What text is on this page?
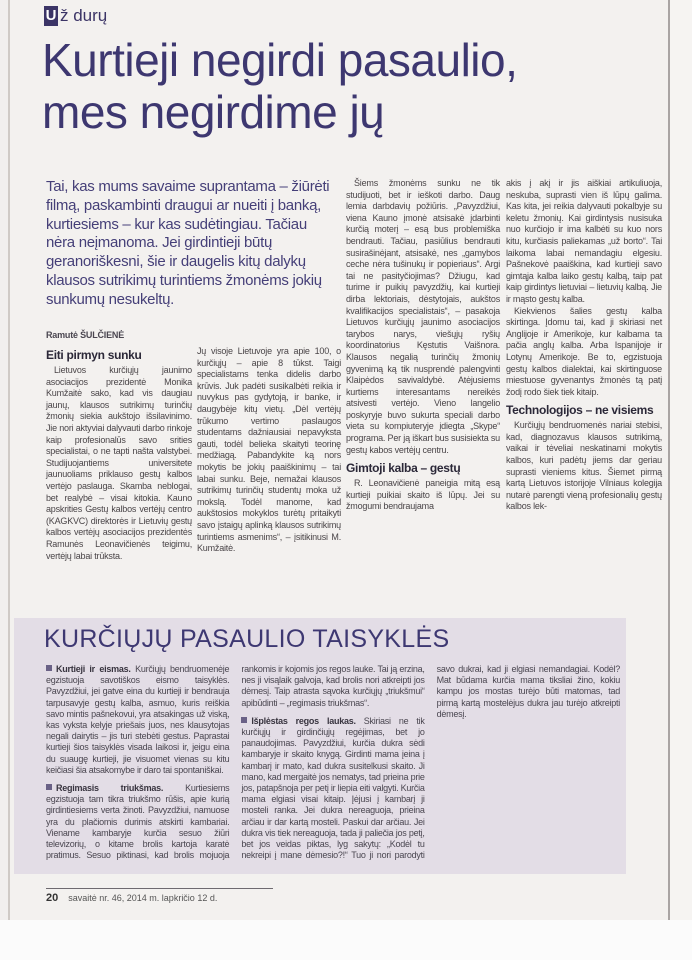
U ž durų
Kurtieji negirdi pasaulio,
mes negirdime jų
Tai, kas mums savaime suprantama – žiūrėti filmą, paskambinti draugui ar nueiti į banką, kurtiesiems – kur kas sudėtingiau. Tačiau nėra neįmanoma. Jei girdintieji būtų geranoriškesni, šie ir daugelis kitų dalykų klausos sutrikimų turintiems žmonėms jokių sunkumų nesukeltų.
Ramutė ŠULČIENĖ
Eiti pirmyn sunku

Lietuvos kurčiųjų jaunimo asociacijos prezidentė Monika Kumžaitė sako, kad vis daugiau jaunų, klausos sutrikimų turinčių žmonių siekia aukštojo išsilavinimo. Jie nori aktyviai dalyvauti darbo rinkoje kaip profesionalūs savo srities specialistai, o ne tapti našta valstybei. Studijuojantiems universitete jaunuoliams priklauso gestų kalbos vertėjo paslauga. Skamba neblogai, bet realybė – visai kitokia. Kauno apskrities Gestų kalbos vertėjų centro (KAGKVC) direktorės ir Lietuvių gestų kalbos vertėjų asociacijos prezidentės Ramunės Leonavičienės teigimu, vertėjų labai trūksta.

Jų visoje Lietuvoje yra apie 100, o kurčiųjų – apie 8 tūkst. Taigi specialistams tenka didelis darbo krūvis. Juk padėti susikalbėti reikia ir nuvykus pas gydytoją, ir banke, ir daugybėje kitų vietų. „Dėl vertėjų trūkumo vertimo paslaugos studentams dažniausiai nepavyksta gauti, todėl belieka skaityti teorinę medžiagą. Pabandykite ką nors mokytis be jokių paaiškinimų – tai labai sunku. Beje, nemažai klausos sutrikimų turinčių studentų moka už mokslą. Todėl manome, kad aukštosios mokyklos turėtų pritaikyti savo įstaigų aplinką klausos sutrikimų turintiems asmenims“, – įsitikinusi M. Kumžaitė.

Šiems žmonėms sunku ne tik studijuoti, bet ir ieškoti darbo. Daug lemia darbdavių požiūris. „Pavyzdžiui, viena Kauno įmonė atsisakė įdarbinti kurčią moterį – esą bus problemiška bendrauti. Tačiau, pasiūlius bendrauti susirašinėjant, atsisakė, nes „gamybos ceche nėra tušinukų ir popieriaus“. Argi tai ne pasityčiojimas? Džiugu, kad turime ir puikių pavyzdžių, kai kurtieji dirba lektoriais, dėstytojais, aukštos kvalifikacijos specialistais“, – pasakoja Lietuvos kurčiųjų jaunimo asociacijos tarybos narys, viešųjų ryšių koordinatorius Kęstutis Vaišnora. Klausos negalią turinčių žmonių gyvenimą ką tik nusprendė palengvinti Klaipėdos savivaldybė. Atėjusiems kurtiems interesantams nereikės atsivesti vertėjo. Vieno langelio poskyryje buvo sukurta speciali darbo vieta su kompiuteryje įdiegta „Skype“ programa. Per ją iškart bus susisiekta su gestų kabos vertėjų centru.

Gimtoji kalba – gestų

R. Leonavičienė paneigia mitą esą kurtieji puikiai skaito iš lūpų. Jei su žmogumi bendraujama

akis į akį ir jis aiškiai artikuliuoja, neskuba, suprasti vien iš lūpų galima. Kas kita, jei reikia dalyvauti pokalbyje su keletu žmonių. Kai girdintysis nusisuka nuo kurčiojo ir ima kalbėti su kuo nors kitu, kurčiasis paliekamas „už borto“. Tai laikoma labai nemandagiu elgesiu. Pašnekovė paaiškina, kad kurtieji savo gimtąja kalba laiko gestų kalbą, taip pat kaip girdintys lietuviai – lietuvių kalbą. Jie ir mąsto gestų kalba.

Kiekvienos šalies gestų kalba skirtinga. Įdomu tai, kad ji skiriasi net Anglijoje ir Amerikoje, kur kalbama ta pačia anglų kalba. Arba Ispanijoje ir Lotynų Amerikoje. Be to, egzistuoja gestų kalbos dialektai, kai skirtinguose miestuose gyvenantys žmonės tą patį žodį rodo šiek tiek kitaip.

Technologijos – ne visiems

Kurčiųjų bendruomenės nariai stebisi, kad, diagnozavus klausos sutrikimą, vaikai ir tėveliai neskatinami mokytis kalbos, kuri padėtų jiems dar geriau suprasti vieniems kitus. Šiemet pirmą kartą Lietuvos istorijoje Vilniaus kolegija nutarė parengti vieną profesionalių gestų kalbos lek-

KURČIŲJŲ PASAULIO TAISYKLĖS

Kurtieji ir eismas. Kurčiųjų bendruomenėje egzistuoja savotiškos eismo taisyklės. Pavyzdžiui, jei gatve eina du kurtieji ir bendrauja tarpusavyje gestų kalba, asmuo, kuris reiškia savo mintis pašnekovui, yra atsakingas už viską, kas vyksta kelyje priešais juos, nes klausytojas negali dairytis – jis turi stebėti gestus. Paprastai kurtieji šios taisyklės visada laikosi ir, jeigu eina du suaugę kurtieji, jie visuomet vienas su kitu keičiasi šia atsakomybe ir daro tai spontaniškai.

Regimasis triukšmas. Kurtiesiems egzistuoja tam tikra triukšmo rūšis, apie kurią girdintiesiems verta žinoti. Pavyzdžiui, namuose yra du plačiomis durimis atskirti kambariai. Viename kambaryje kurčia sesuo žiūri televizorių, o kitame brolis kartoja karatė pratimus. Sesuo piktinasi, kad brolis mojuoja rankomis ir kojomis jos regos lauke. Tai ją erzina, nes ji visąlaik galvoja, kad brolis nori atkreipti jos dėmesį. Taip atrasta sąvoka kurčiųjų „triukšmui“ apibūdinti – „regimasis triukšmas“.

Išplėstas regos laukas. Skiriasi ne tik kurčiųjų ir girdinčiųjų regėjimas, bet jo panaudojimas. Pavyzdžiui, kurčia dukra sėdi kambaryje ir skaito knygą. Girdinti mama įeina į kambarį ir mato, kad dukra susitelkusi skaito. Ji mano, kad mergaitė jos nematys, tad prieina prie jos, patapšnoja per petį ir liepia eiti valgyti. Kurčia mama elgiasi visai kitaip. Įėjusi į kambarį ji mosteli ranka. Jei dukra nereaguoja, prieina arčiau ir dar kartą mosteli. Paskui dar arčiau. Jei dukra vis tiek nereaguoja, tada ji paliečia jos petį, bet jos veidas piktas, lyg sakytų: „Kodėl tu nekreipi į mane dėmesio?!“ Tuo ji nori parodyti savo dukrai, kad ji elgiasi nemandagiai. Kodėl? Mat būdama kurčia mama tiksliai žino, kokiu kampu jos mostas turėjo būti matomas, tad pirmą kartą mostelėjus dukra jau turėjo atkreipti dėmesį.

20 savaitė nr. 46, 2014 m. lapkričio 12 d.
